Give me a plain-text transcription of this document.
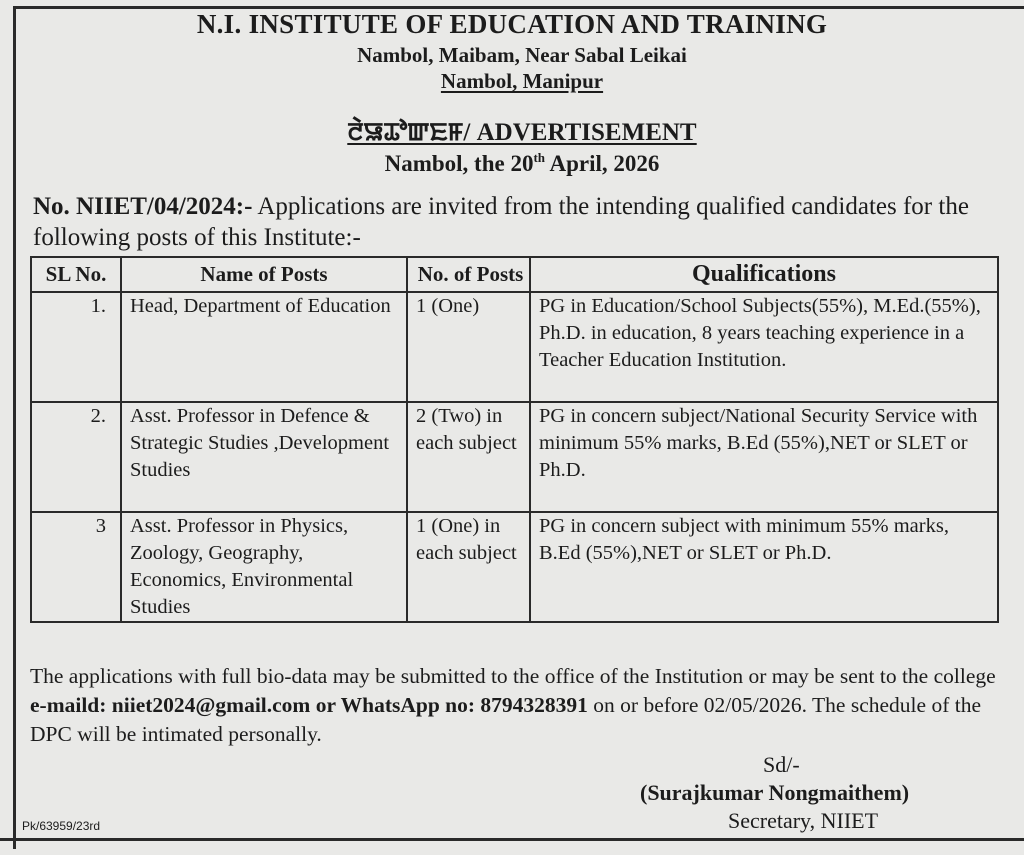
N.I. INSTITUTE OF EDUCATION AND TRAINING
Nambol, Maibam, Near Sabal Leikai
Nambol, Manipur
ꯂꯥꯎꯊꯣꯛꯐꯝ/ ADVERTISEMENT
Nambol, the 20th April, 2026
No. NIIET/04/2024:- Applications are invited from the intending qualified candidates for the following posts of this Institute:-
SL No.	Name of Posts	No. of Posts	Qualifications
1.	Head, Department of Education	1 (One)	PG in Education/School Subjects(55%), M.Ed.(55%), Ph.D. in education, 8 years teaching experience in a Teacher Education Institution.
2.	Asst. Professor in Defence & Strategic Studies ,Development Studies	2 (Two) in each subject	PG in concern subject/National Security Service with minimum 55% marks, B.Ed (55%),NET or SLET or Ph.D.
3	Asst. Professor in Physics, Zoology, Geography, Economics, Environmental Studies	1 (One) in each subject	PG in concern subject with minimum 55% marks, B.Ed (55%),NET or SLET or Ph.D.
The applications with full bio-data may be submitted to the office of the Institution or may be sent to the college e-maild: niiet2024@gmail.com or WhatsApp no: 8794328391 on or before 02/05/2026. The schedule of the DPC will be intimated personally.
Sd/-
(Surajkumar Nongmaithem)
Secretary, NIIET
Pk/63959/23rd
